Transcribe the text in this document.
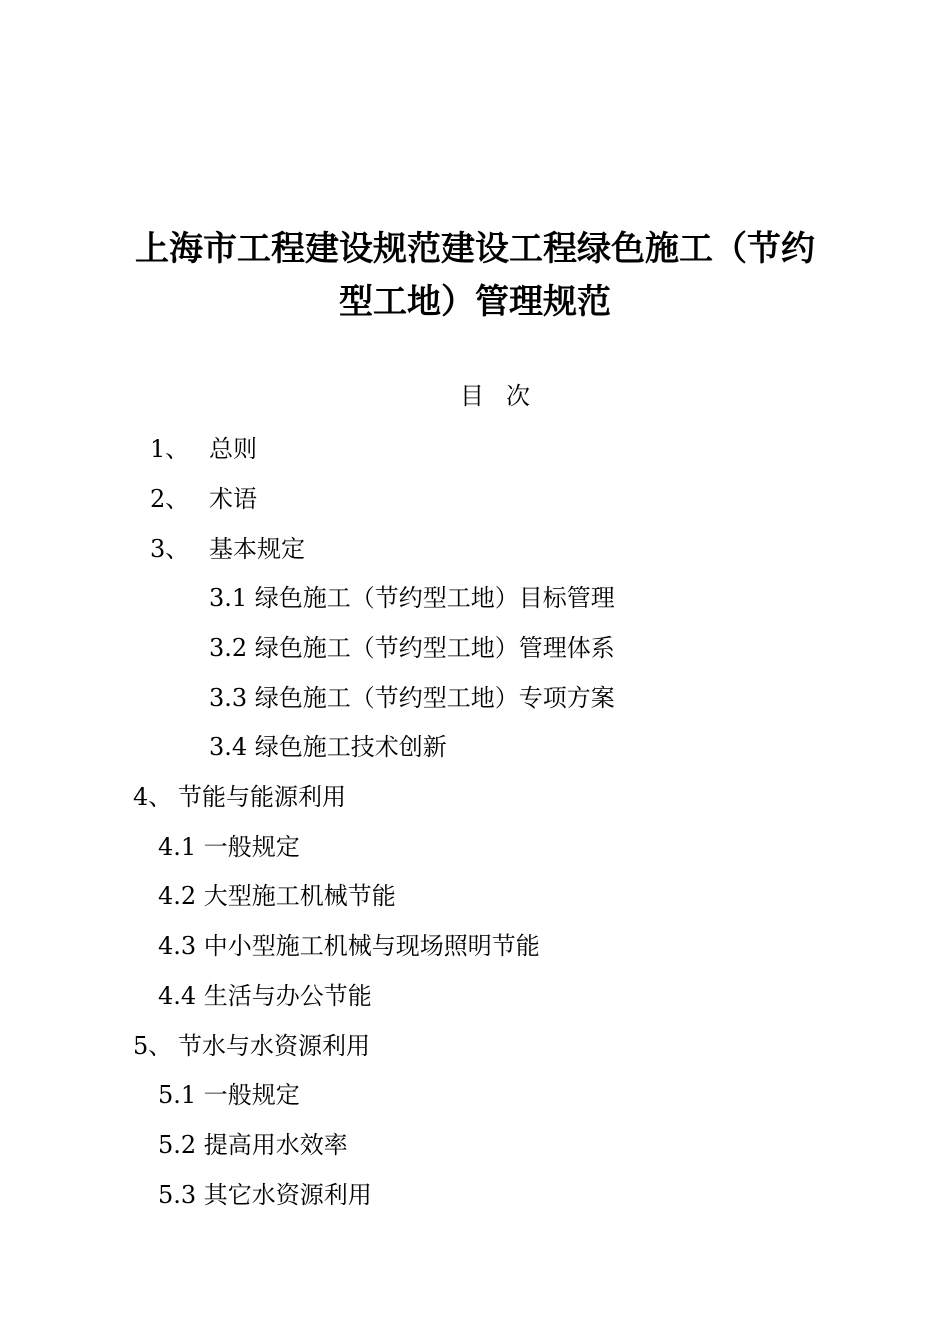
上海市工程建设规范建设工程绿色施工（节约
型工地）管理规范
目 次
1、 总则
2、 术语
3、 基本规定
3.1 绿色施工（节约型工地）目标管理
3.2 绿色施工（节约型工地）管理体系
3.3 绿色施工（节约型工地）专项方案
3.4 绿色施工技术创新
4、 节能与能源利用
4.1 一般规定
4.2 大型施工机械节能
4.3 中小型施工机械与现场照明节能
4.4 生活与办公节能
5、 节水与水资源利用
5.1 一般规定
5.2 提高用水效率
5.3 其它水资源利用
